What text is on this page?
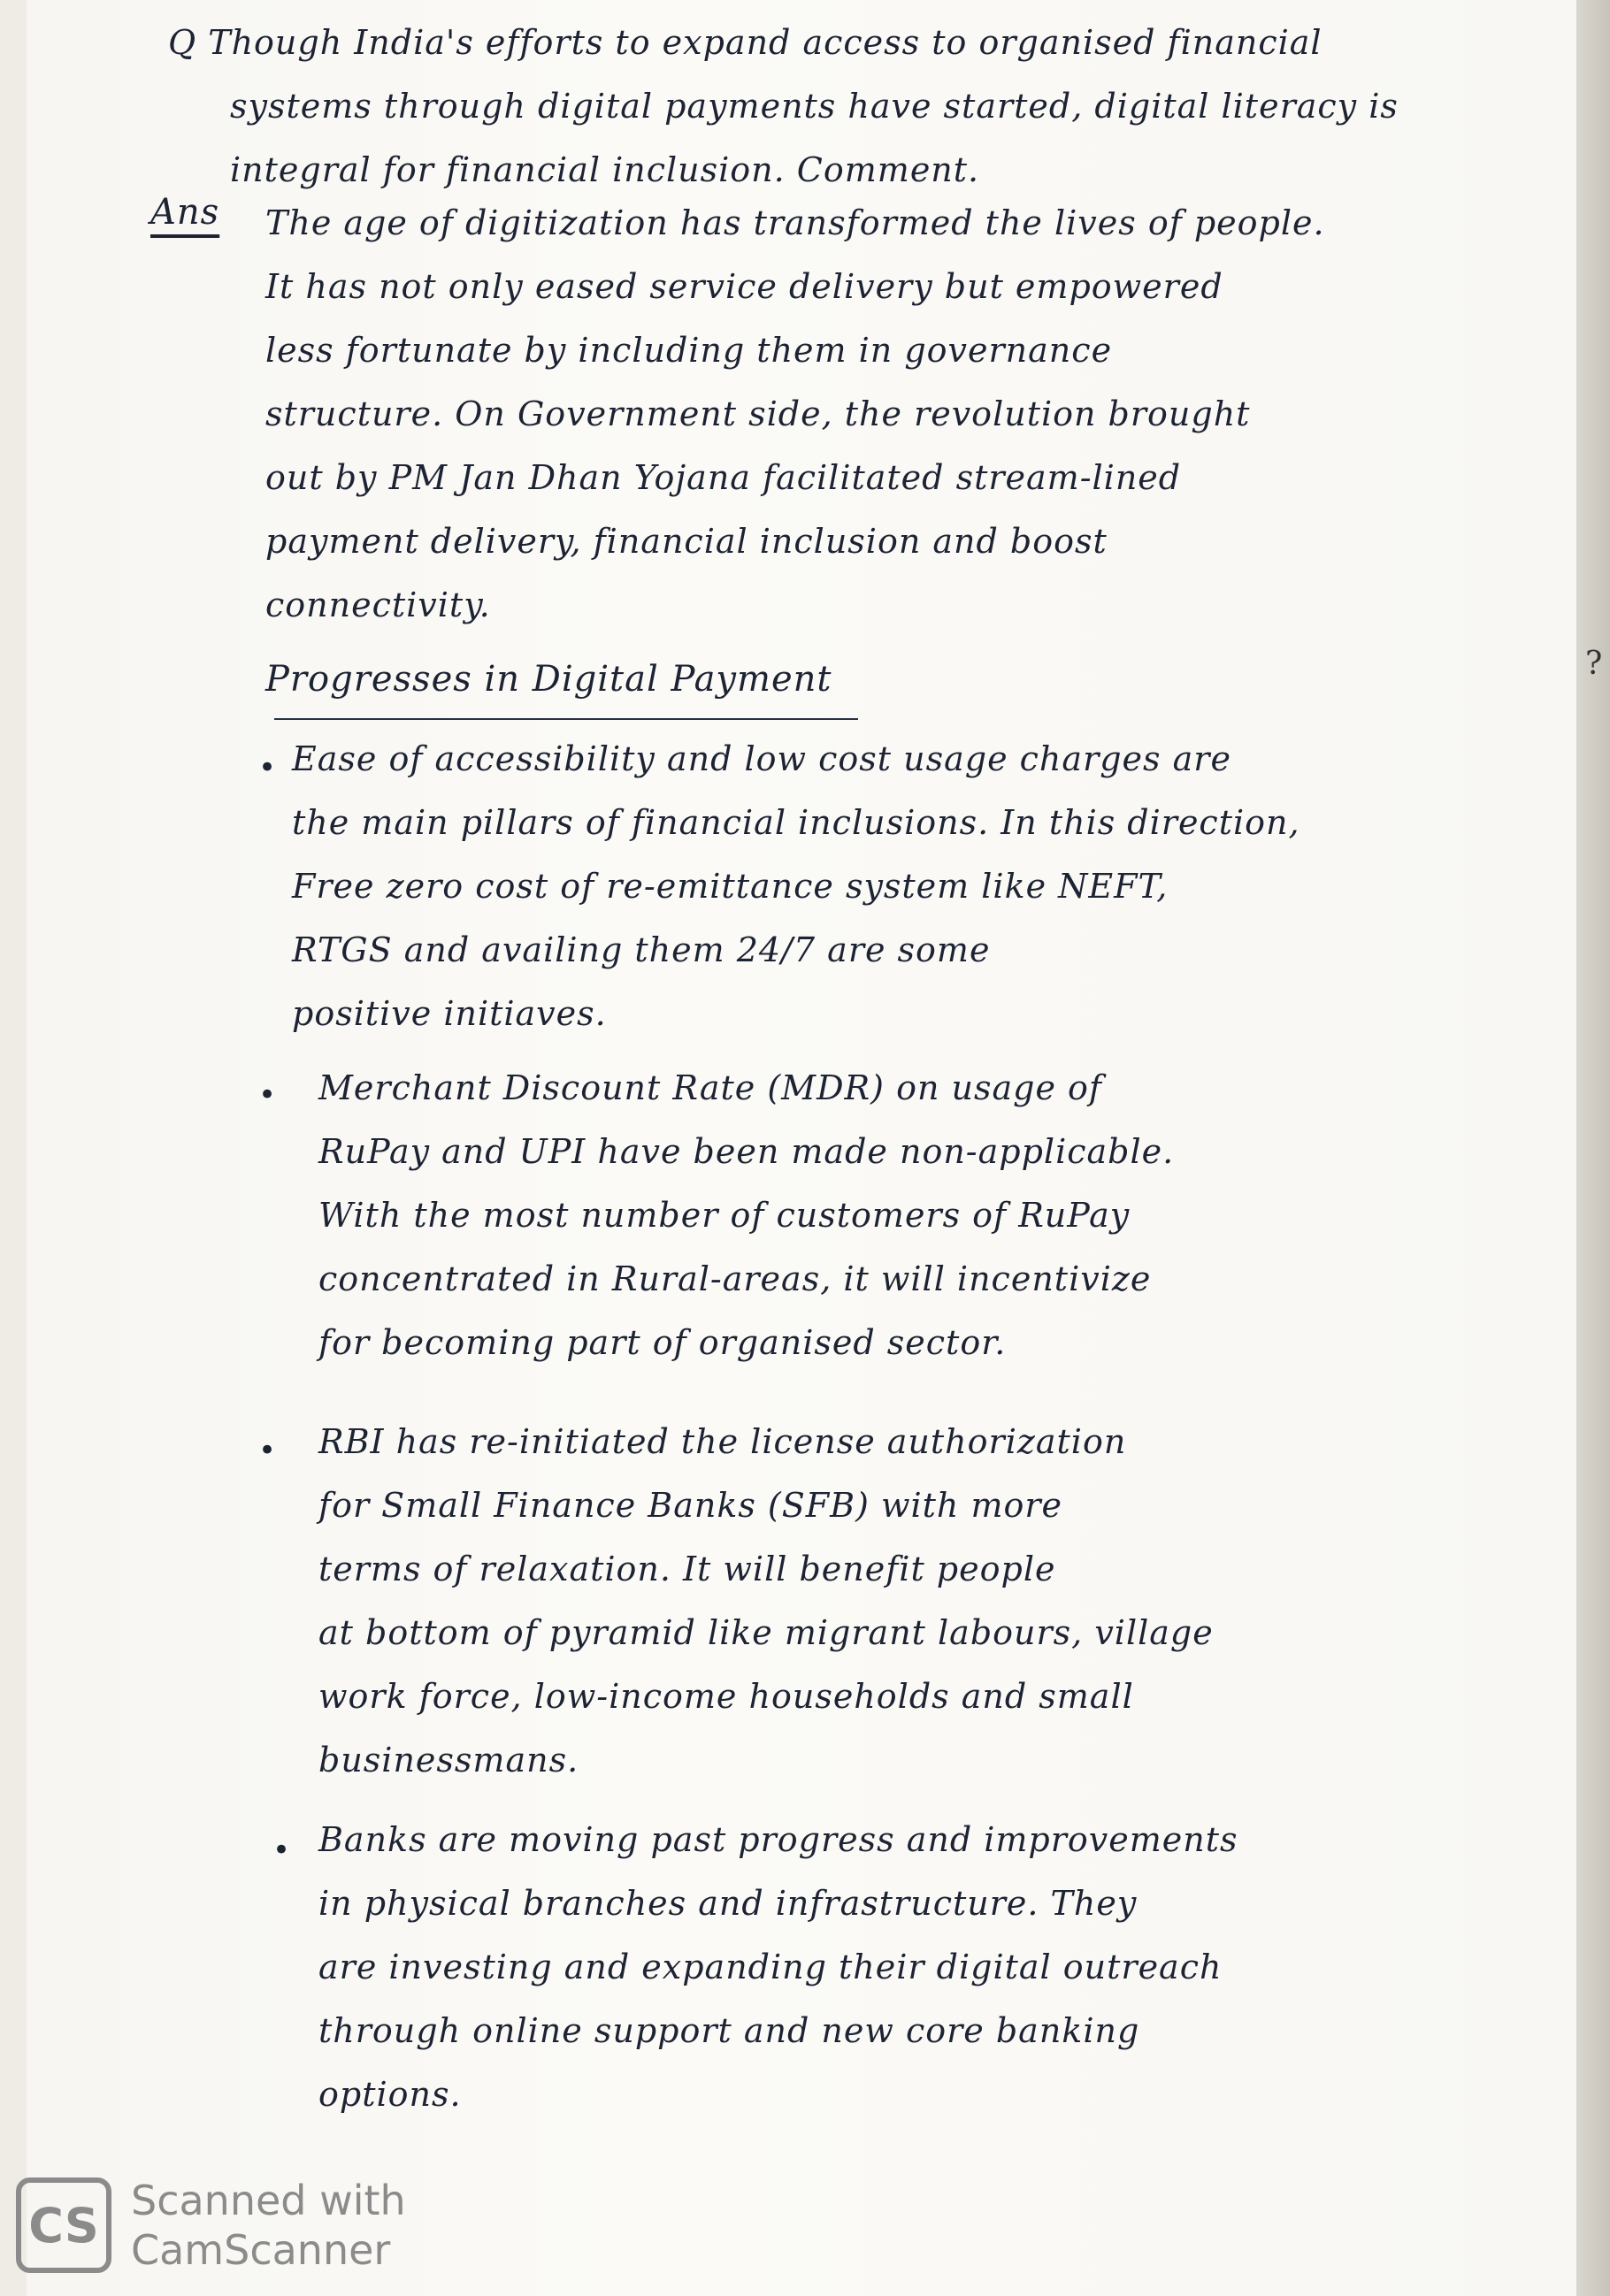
Q Though India's efforts to expand access to organised financial
systems through digital payments have started, digital literacy is
integral for financial inclusion. Comment.
Ans The age of digitization has transformed the lives of people.
It has not only eased service delivery but empowered
less fortunate by including them in governance
structure. On Government side, the revolution brought
out by PM Jan Dhan Yojana facilitated stream-lined
payment delivery, financial inclusion and boost
connectivity.
Progresses in Digital Payment
• Ease of accessibility and low cost usage charges are
the main pillars of financial inclusions. In this direction,
Free zero cost of re-emittance system like NEFT,
RTGS and availing them 24/7 are some
positive initiaves.
• Merchant Discount Rate (MDR) on usage of
RuPay and UPI have been made non-applicable.
With the most number of customers of RuPay
concentrated in Rural-areas, it will incentivize
for becoming part of organised sector.
• RBI has re-initiated the license authorization
for Small Finance Banks (SFB) with more
terms of relaxation. It will benefit people
at bottom of pyramid like migrant labours, village
work force, low-income households and small
businessmans.
• Banks are moving past progress and improvements
in physical branches and infrastructure. They
are investing and expanding their digital outreach
through online support and new core banking
options.
?
CS Scanned with
CamScanner
